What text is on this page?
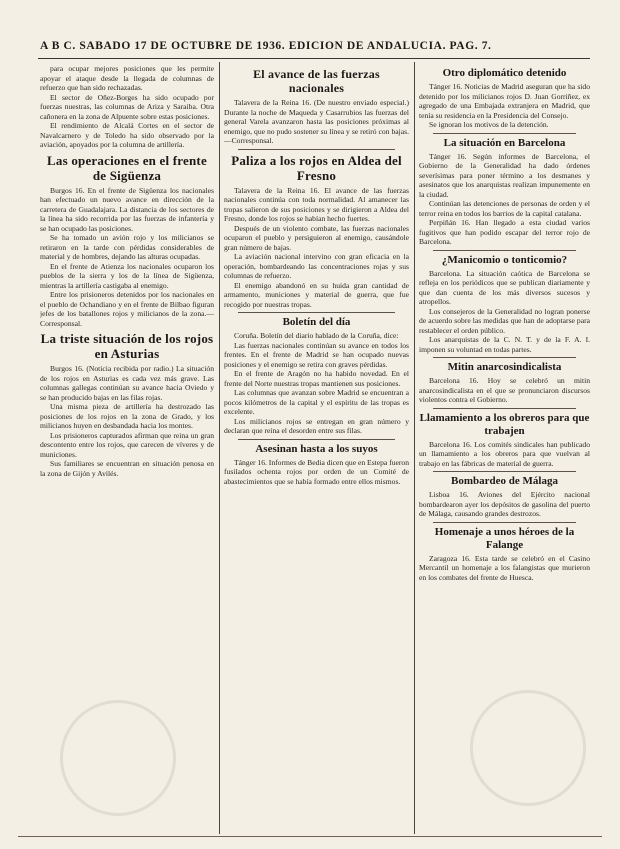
A B C. SABADO 17 DE OCTUBRE DE 1936. EDICION DE ANDALUCIA. PAG. 7.

para ocupar mejores posiciones que les permite apoyar el ataque desde la llegada de columnas de refuerzo que han sido rechazadas.

El sector de Oñez-Borges ha sido ocupado por fuerzas nuestras, las columnas de Ariza y Saraiba. Otra cañonera en la zona de Alpuente sobre estas posiciones.

El rendimiento de Alcalá Cortes en el sector de Navalcarnero y de Toledo ha sido observado por la aviación, apoyados por la columna de artillería.

Las operaciones en el frente de Sigüenza

Burgos 16. En el frente de Sigüenza los nacionales han efectuado un nuevo avance en dirección de la carretera de Guadalajara. La distancia de los sectores de la línea ha sido recorrida por las fuerzas de infantería y se han ocupado las posiciones.

Se ha tomado un avión rojo y los milicianos se retiraron en la tarde con pérdidas considerables de material y de hombres, dejando las alturas ocupadas.

En el frente de Atienza los nacionales ocuparon los pueblos de la sierra y los de la línea de Sigüenza, mientras la artillería castigaba al enemigo.

Entre los prisioneros detenidos por los nacionales en el pueblo de Ochandiano y en el frente de Bilbao figuran jefes de los batallones rojos y milicianos de la zona.—Corresponsal.

La triste situación de los rojos en Asturias

Burgos 16. (Noticia recibida por radio.) La situación de los rojos en Asturias es cada vez más grave. Las columnas gallegas continúan su avance hacia Oviedo y se han producido bajas en las filas rojas.

Una misma pieza de artillería ha destrozado las posiciones de los rojos en la zona de Grado, y los milicianos huyen en desbandada hacia los montes.

Los prisioneros capturados afirman que reina un gran descontento entre los rojos, que carecen de víveres y de municiones.

Sus familiares se encuentran en situación penosa en la zona de Gijón y Avilés.

El avance de las fuerzas nacionales

Talavera de la Reina 16. (De nuestro enviado especial.) Durante la noche de Maqueda y Casarrubios las fuerzas del general Varela avanzaron hasta las posiciones próximas al enemigo, que no pudo sostener su línea y se retiró con bajas.—Corresponsal.

Paliza a los rojos en Aldea del Fresno

Talavera de la Reina 16. El avance de las fuerzas nacionales continúa con toda normalidad. Al amanecer las tropas salieron de sus posiciones y se dirigieron a Aldea del Fresno, donde los rojos se habían hecho fuertes.

Después de un violento combate, las fuerzas nacionales ocuparon el pueblo y persiguieron al enemigo, causándole gran número de bajas.

La aviación nacional intervino con gran eficacia en la operación, bombardeando las concentraciones rojas y sus columnas de refuerzo.

El enemigo abandonó en su huida gran cantidad de armamento, municiones y material de guerra, que fue recogido por nuestras tropas.

Boletín del día

Coruña. Boletín del diario hablado de la Coruña, dice:

Las fuerzas nacionales continúan su avance en todos los frentes. En el frente de Madrid se han ocupado nuevas posiciones y el enemigo se retira con graves pérdidas.

En el frente de Aragón no ha habido novedad. En el frente del Norte nuestras tropas mantienen sus posiciones.

Las columnas que avanzan sobre Madrid se encuentran a pocos kilómetros de la capital y el espíritu de las tropas es excelente.

Los milicianos rojos se entregan en gran número y declaran que reina el desorden entre sus filas.

Asesinan hasta a los suyos

Tánger 16. Informes de Bedia dicen que en Estepa fueron fusilados ochenta rojos por orden de un Comité de abastecimientos que se había formado entre ellos mismos.

Otro diplomático detenido

Tánger 16. Noticias de Madrid aseguran que ha sido detenido por los milicianos rojos D. Juan Gorriñez, ex agregado de una Embajada extranjera en Madrid, que tenía su residencia en la Presidencia del Consejo.

Se ignoran los motivos de la detención.

La situación en Barcelona

Tánger 16. Según informes de Barcelona, el Gobierno de la Generalidad ha dado órdenes severísimas para poner término a los desmanes y asesinatos que los anarquistas realizan impunemente en la ciudad.

Continúan las detenciones de personas de orden y el terror reina en todos los barrios de la capital catalana.

Perpiñán 16. Han llegado a esta ciudad varios fugitivos que han podido escapar del terror rojo de Barcelona.

¿Manicomio o tonticomio?

Barcelona. La situación caótica de Barcelona se refleja en los periódicos que se publican diariamente y que dan cuenta de los más diversos sucesos y atropellos.

Los consejeros de la Generalidad no logran ponerse de acuerdo sobre las medidas que han de adoptarse para restablecer el orden público.

Los anarquistas de la C. N. T. y de la F. A. I. imponen su voluntad en todas partes.

Mitin anarcosindicalista

Barcelona 16. Hoy se celebró un mitin anarcosindicalista en el que se pronunciaron discursos violentos contra el Gobierno.

Llamamiento a los obreros para que trabajen

Barcelona 16. Los comités sindicales han publicado un llamamiento a los obreros para que vuelvan al trabajo en las fábricas de material de guerra.

Bombardeo de Málaga

Lisboa 16. Aviones del Ejército nacional bombardearon ayer los depósitos de gasolina del puerto de Málaga, causando grandes destrozos.

Homenaje a unos héroes de la Falange

Zaragoza 16. Esta tarde se celebró en el Casino Mercantil un homenaje a los falangistas que murieron en los combates del frente de Huesca.
